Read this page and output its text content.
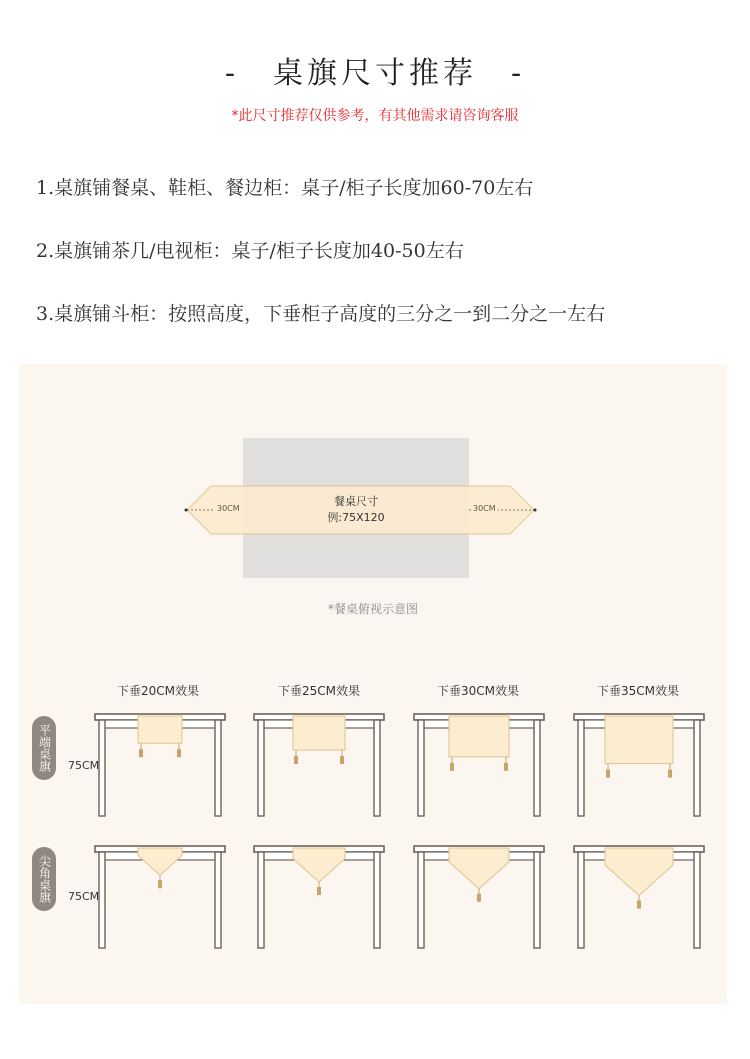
-　桌旗尺寸推荐　-
*此尺寸推荐仅供参考，有其他需求请咨询客服
1.桌旗铺餐桌、鞋柜、餐边柜：桌子/柜子长度加60-70左右
2.桌旗铺茶几/电视柜：桌子/柜子长度加40-50左右
3.桌旗铺斗柜：按照高度，下垂柜子高度的三分之一到二分之一左右
30CM	30CM
餐桌尺寸
例:75X120
*餐桌俯视示意图
下垂20CM效果	下垂25CM效果	下垂30CM效果	下垂35CM效果
平端桌旗
尖角桌旗
75CM
75CM
